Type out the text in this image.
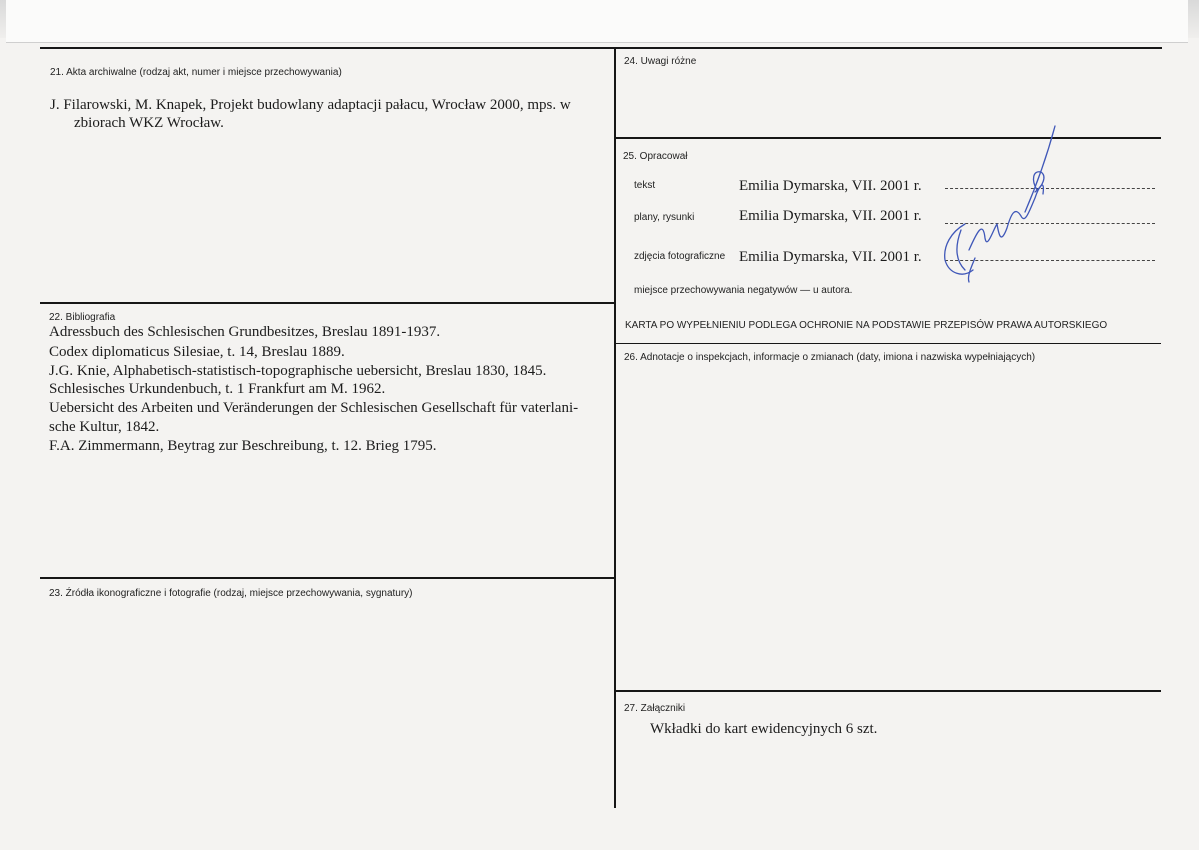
21. Akta archiwalne (rodzaj akt, numer i miejsce przechowywania)
J. Filarowski, M. Knapek, Projekt budowlany adaptacji pałacu, Wrocław 2000, mps. w
zbiorach WKZ Wrocław.
22. Bibliografia
Adressbuch des Schlesischen Grundbesitzes, Breslau 1891-1937.
Codex diplomaticus Silesiae, t. 14, Breslau 1889.
J.G. Knie, Alphabetisch-statistisch-topographische uebersicht, Breslau 1830, 1845.
Schlesisches Urkundenbuch, t. 1 Frankfurt am M. 1962.
Uebersicht des Arbeiten und Veränderungen der Schlesischen Gesellschaft für vaterlani-
sche Kultur, 1842.
F.A. Zimmermann, Beytrag zur Beschreibung, t. 12. Brieg 1795.
23. Źródła ikonograficzne i fotografie (rodzaj, miejsce przechowywania, sygnatury)
24. Uwagi różne
25. Opracował
tekst	Emilia Dymarska, VII. 2001 r.
plany, rysunki	Emilia Dymarska, VII. 2001 r.
zdjęcia fotograficzne Emilia Dymarska, VII. 2001 r.
miejsce przechowywania negatywów — u autora.
KARTA PO WYPEŁNIENIU PODLEGA OCHRONIE NA PODSTAWIE PRZEPISÓW PRAWA AUTORSKIEGO
26. Adnotacje o inspekcjach, informacje o zmianach (daty, imiona i nazwiska wypełniających)
27. Załączniki
Wkładki do kart ewidencyjnych 6 szt.
